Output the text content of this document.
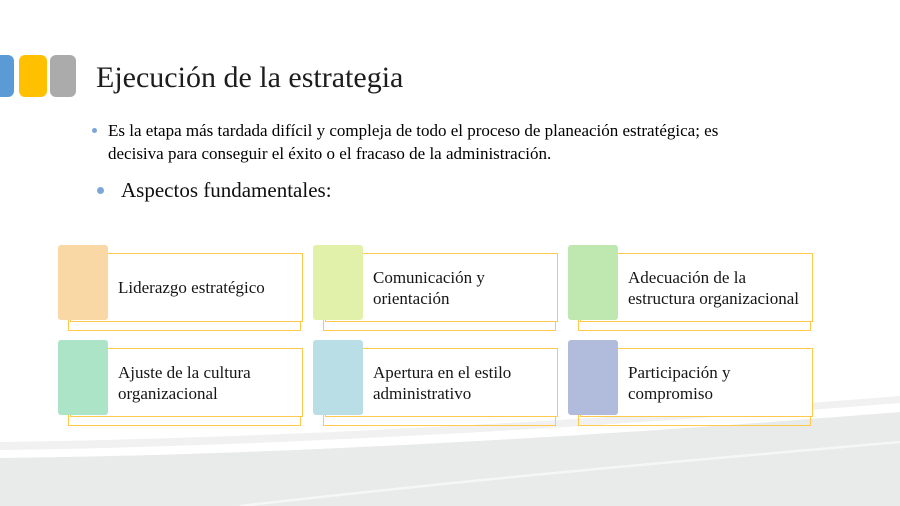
Ejecución de la estrategia
Es la etapa más tardada difícil y compleja de todo el proceso de planeación estratégica; es decisiva para conseguir el éxito o el fracaso de la administración.
Aspectos fundamentales:
Liderazgo estratégico
Comunicación y orientación
Adecuación de la estructura organizacional
Ajuste de la cultura organizacional
Apertura en el estilo administrativo
Participación y compromiso
